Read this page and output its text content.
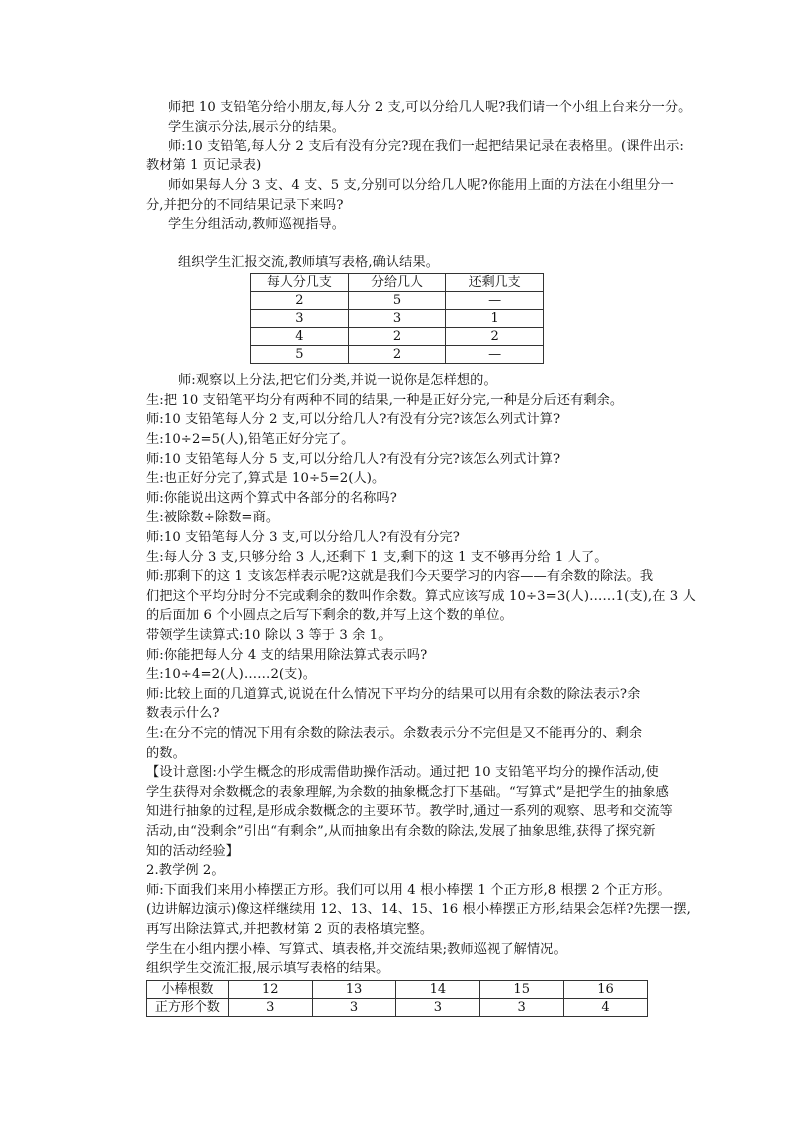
师把 10 支铅笔分给小朋友,每人分 2 支,可以分给几人呢?我们请一个小组上台来分一分。
学生演示分法,展示分的结果。
师:10 支铅笔,每人分 2 支后有没有分完?现在我们一起把结果记录在表格里。(课件出示:
教材第 1 页记录表)
师如果每人分 3 支、4 支、5 支,分别可以分给几人呢?你能用上面的方法在小组里分一
分,并把分的不同结果记录下来吗?
学生分组活动,教师巡视指导。
组织学生汇报交流,教师填写表格,确认结果。
每人分几支	分给几人	还剩几支
2	5	—
3	3	1
4	2	2
5	2	—
师:观察以上分法,把它们分类,并说一说你是怎样想的。
生:把 10 支铅笔平均分有两种不同的结果,一种是正好分完,一种是分后还有剩余。
师:10 支铅笔每人分 2 支,可以分给几人?有没有分完?该怎么列式计算?
生:10÷2=5(人),铅笔正好分完了。
师:10 支铅笔每人分 5 支,可以分给几人?有没有分完?该怎么列式计算?
生:也正好分完了,算式是 10÷5=2(人)。
师:你能说出这两个算式中各部分的名称吗?
生:被除数÷除数=商。
师:10 支铅笔每人分 3 支,可以分给几人?有没有分完?
生:每人分 3 支,只够分给 3 人,还剩下 1 支,剩下的这 1 支不够再分给 1 人了。
师:那剩下的这 1 支该怎样表示呢?这就是我们今天要学习的内容——有余数的除法。我
们把这个平均分时分不完或剩余的数叫作余数。算式应该写成 10÷3=3(人)……1(支),在 3 人
的后面加 6 个小圆点之后写下剩余的数,并写上这个数的单位。
带领学生读算式:10 除以 3 等于 3 余 1。
师:你能把每人分 4 支的结果用除法算式表示吗?
生:10÷4=2(人)……2(支)。
师:比较上面的几道算式,说说在什么情况下平均分的结果可以用有余数的除法表示?余
数表示什么?
生:在分不完的情况下用有余数的除法表示。余数表示分不完但是又不能再分的、剩余
的数。
【设计意图:小学生概念的形成需借助操作活动。通过把 10 支铅笔平均分的操作活动,使
学生获得对余数概念的表象理解,为余数的抽象概念打下基础。“写算式”是把学生的抽象感
知进行抽象的过程,是形成余数概念的主要环节。教学时,通过一系列的观察、思考和交流等
活动,由“没剩余”引出“有剩余”,从而抽象出有余数的除法,发展了抽象思维,获得了探究新
知的活动经验】
2.教学例 2。
师:下面我们来用小棒摆正方形。我们可以用 4 根小棒摆 1 个正方形,8 根摆 2 个正方形。
(边讲解边演示)像这样继续用 12、13、14、15、16 根小棒摆正方形,结果会怎样?先摆一摆,
再写出除法算式,并把教材第 2 页的表格填完整。
学生在小组内摆小棒、写算式、填表格,并交流结果;教师巡视了解情况。
组织学生交流汇报,展示填写表格的结果。
小棒根数	12	13	14	15	16
正方形个数	3	3	3	3	4
